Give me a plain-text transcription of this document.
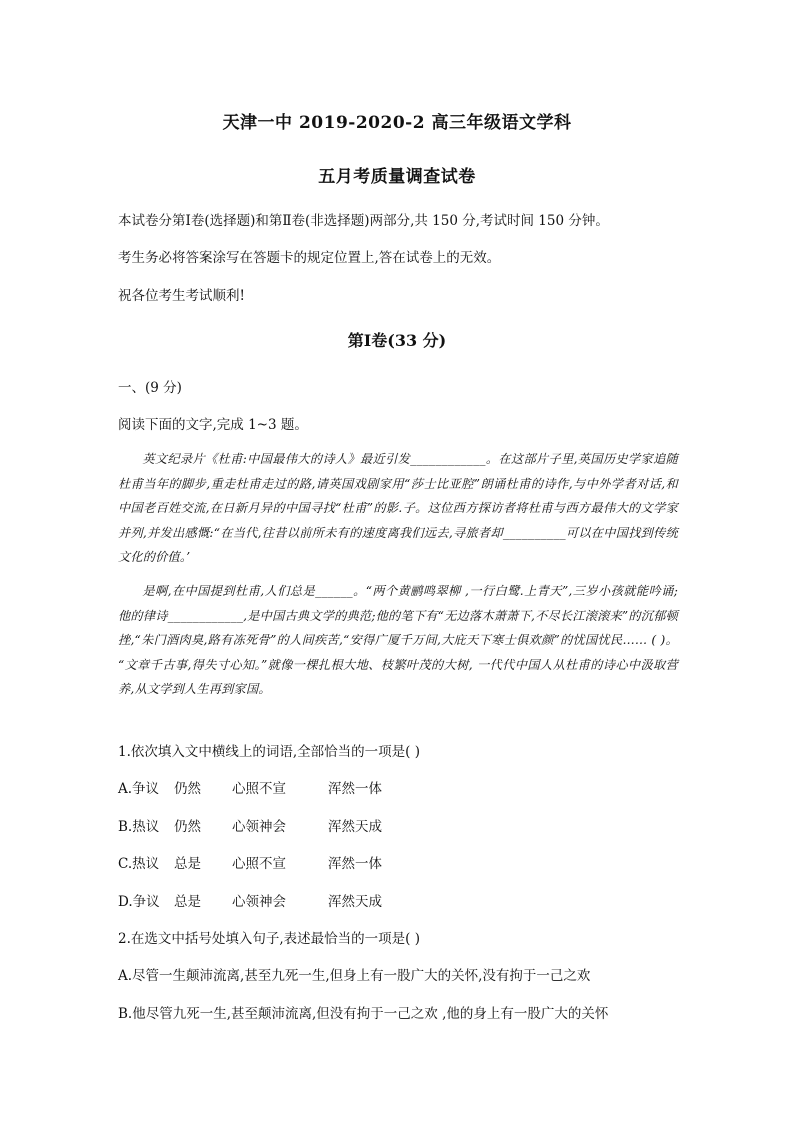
天津一中 2019-2020-2 高三年级语文学科
五月考质量调查试卷
本试卷分第Ⅰ卷(选择题)和第Ⅱ卷(非选择题)两部分,共 150 分,考试时间 150 分钟。
考生务必将答案涂写在答题卡的规定位置上,答在试卷上的无效。
祝各位考生考试顺利!
第Ⅰ卷(33 分)
一、(9 分)
阅读下面的文字,完成 1~3 题。

英文纪录片《杜甫:中国最伟大的诗人》最近引发____________。在这部片子里,英国历史学家追随杜甫当年的脚步,重走杜甫走过的路,请英国戏剧家用“莎士比亚腔”朗诵杜甫的诗作,与中外学者对话,和中国老百姓交流,在日新月异的中国寻找“杜甫”的影.子。这位西方探访者将杜甫与西方最伟大的文学家并列,并发出感慨:“在当代,往昔以前所未有的速度离我们远去,寻旅者却__________可以在中国找到传统文化的价值。’

是啊,在中国提到杜甫,人们总是______。“两个黄鹂鸣翠柳 ,一行白鹭.上青天”,三岁小孩就能吟诵;他的律诗____________,是中国古典文学的典范;他的笔下有“无边落木萧萧下,不尽长江滚滚来”的沉郁顿挫,“朱门酒肉臭,路有冻死骨”的人间疾苦,“安得广厦千万间,大庇天下寒士俱欢颜”的忧国忧民…… ( )。 “文章千古事,得失寸心知。”就像一棵扎根大地、枝繁叶茂的大树, 一代代中国人从杜甫的诗心中汲取营养,从文学到人生再到家国。

1.依次填入文中横线上的词语,全部恰当的一项是( )
A.争议 仍然 心照不宣	浑然一体
B.热议 仍然 心领神会	浑然天成
C.热议 总是 心照不宣	浑然一体
D.争议 总是 心领神会	浑然天成
2.在选文中括号处填入句子,表述最恰当的一项是( )
A.尽管一生颠沛流离,甚至九死一生,但身上有一股广大的关怀,没有拘于一己之欢
B.他尽管九死一生,甚至颠沛流离,但没有拘于一己之欢 ,他的身上有一股广大的关怀
